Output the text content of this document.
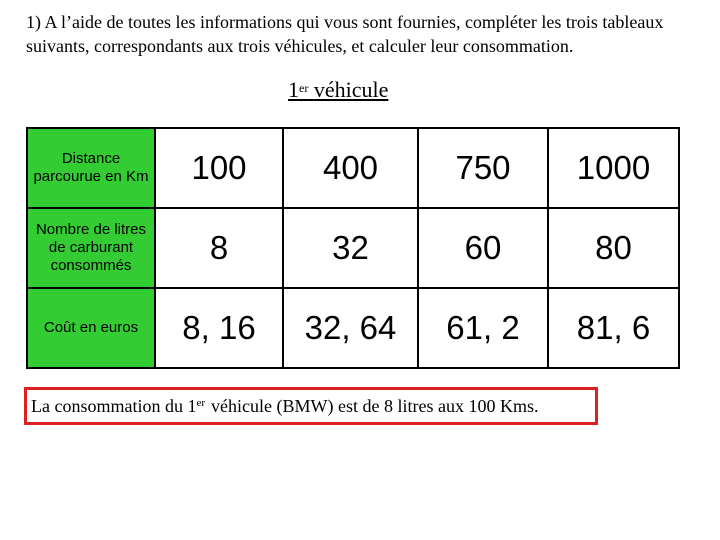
1) A l’aide de toutes les informations qui vous sont fournies, compléter les trois tableaux suivants, correspondants aux trois véhicules, et calculer leur consommation.
1er véhicule
Distance parcourue en Km	100	400	750	1000
Nombre de litres de carburant consommés	8	32	60	80
Coût en euros	8, 16	32, 64	61, 2	81, 6
La consommation du 1er véhicule (BMW) est de 8 litres aux 100 Kms.
